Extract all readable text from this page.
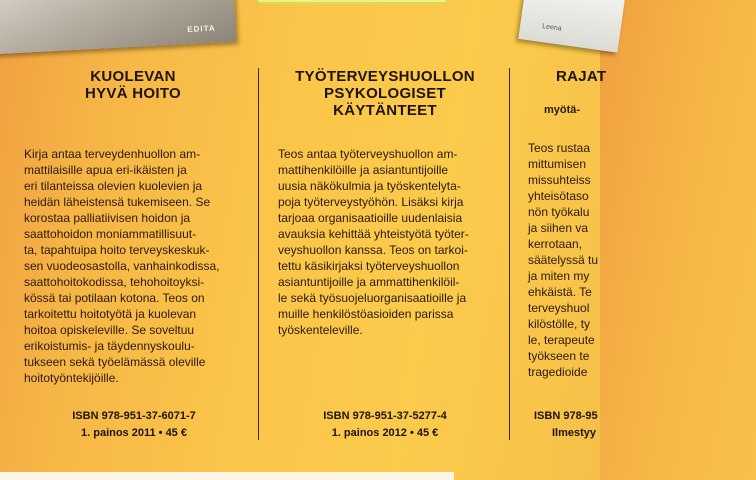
EDITA	Leena
KUOLEVAN
HYVÄ HOITO
Kirja antaa terveydenhuollon am-
mattilaisille apua eri-ikäisten ja
eri tilanteissa olevien kuolevien ja
heidän läheistensä tukemiseen. Se
korostaa palliatiivisen hoidon ja
saattohoidon moniammatillisuut-
ta, tapahtuipa hoito terveyskeskuk-
sen vuodeosastolla, vanhainkodissa,
saattohoitokodissa, tehohoitoyksi-
kössä tai potilaan kotona. Teos on
tarkoitettu hoitotyötä ja kuolevan
hoitoa opiskeleville. Se soveltuu
erikoistumis- ja täydennyskoulu-
tukseen sekä työelämässä oleville
hoitotyöntekijöille.
ISBN 978-951-37-6071-7
1. painos 2011 • 45 €
TYÖTERVEYSHUOLLON
PSYKOLOGISET
KÄYTÄNTEET
Teos antaa työterveyshuollon am-
mattihenkilöille ja asiantuntijoille
uusia näkökulmia ja työskentelyta-
poja työterveystyöhön. Lisäksi kirja
tarjoaa organisaatioille uudenlaisia
avauksia kehittää yhteistyötä työter-
veyshuollon kanssa. Teos on tarkoi-
tettu käsikirjaksi työterveyshuollon
asiantuntijoille ja ammattihenkilöil-
le sekä työsuojeluorganisaatioille ja
muille henkilöstöasioiden parissa
työskenteleville.
ISBN 978-951-37-5277-4
1. painos 2012 • 45 €
RAJAT
myötä-
Teos rustaa
mittumisen
missuhteiss
yhteisötaso
nön työkalu
ja siihen va
kerrotaan,
säätelyssä tu
ja miten my
ehkäistä. Te
terveyshuol
kilöstölle, ty
le, terapeute
työkseen te
tragedioide
ISBN 978-95
Ilmestyy
